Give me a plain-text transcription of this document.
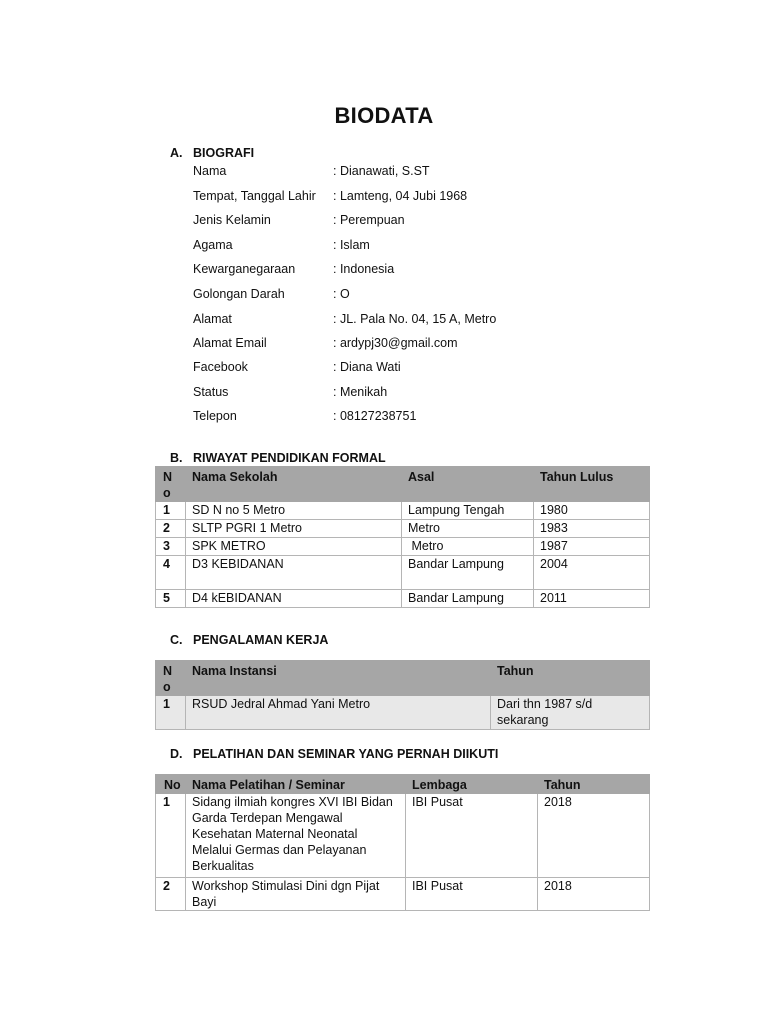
BIODATA
A. BIOGRAFI
Nama	: Dianawati, S.ST
Tempat, Tanggal Lahir : Lamteng, 04 Jubi 1968
Jenis Kelamin	: Perempuan
Agama	: Islam
Kewarganegaraan	: Indonesia
Golongan Darah	: O
Alamat	: JL. Pala No. 04, 15 A, Metro
Alamat Email	: ardypj30@gmail.com
Facebook	: Diana Wati
Status	: Menikah
Telepon	: 08127238751
B. RIWAYAT PENDIDIKAN FORMAL
No	Nama Sekolah	Asal	Tahun Lulus
1	SD N no 5 Metro	Lampung Tengah	1980
2	SLTP PGRI 1 Metro	Metro	1983
3	SPK METRO	Metro	1987
4	D3 KEBIDANAN	Bandar Lampung	2004
5	D4 kEBIDANAN	Bandar Lampung	2011
C. PENGALAMAN KERJA
No	Nama Instansi	Tahun
1	RSUD Jedral Ahmad Yani Metro	Dari thn 1987 s/d sekarang
D. PELATIHAN DAN SEMINAR YANG PERNAH DIIKUTI
No	Nama Pelatihan / Seminar	Lembaga	Tahun
1	Sidang ilmiah kongres XVI IBI Bidan Garda Terdepan Mengawal Kesehatan Maternal Neonatal Melalui Germas dan Pelayanan Berkualitas	IBI Pusat	2018
2	Workshop Stimulasi Dini dgn Pijat Bayi	IBI Pusat	2018
